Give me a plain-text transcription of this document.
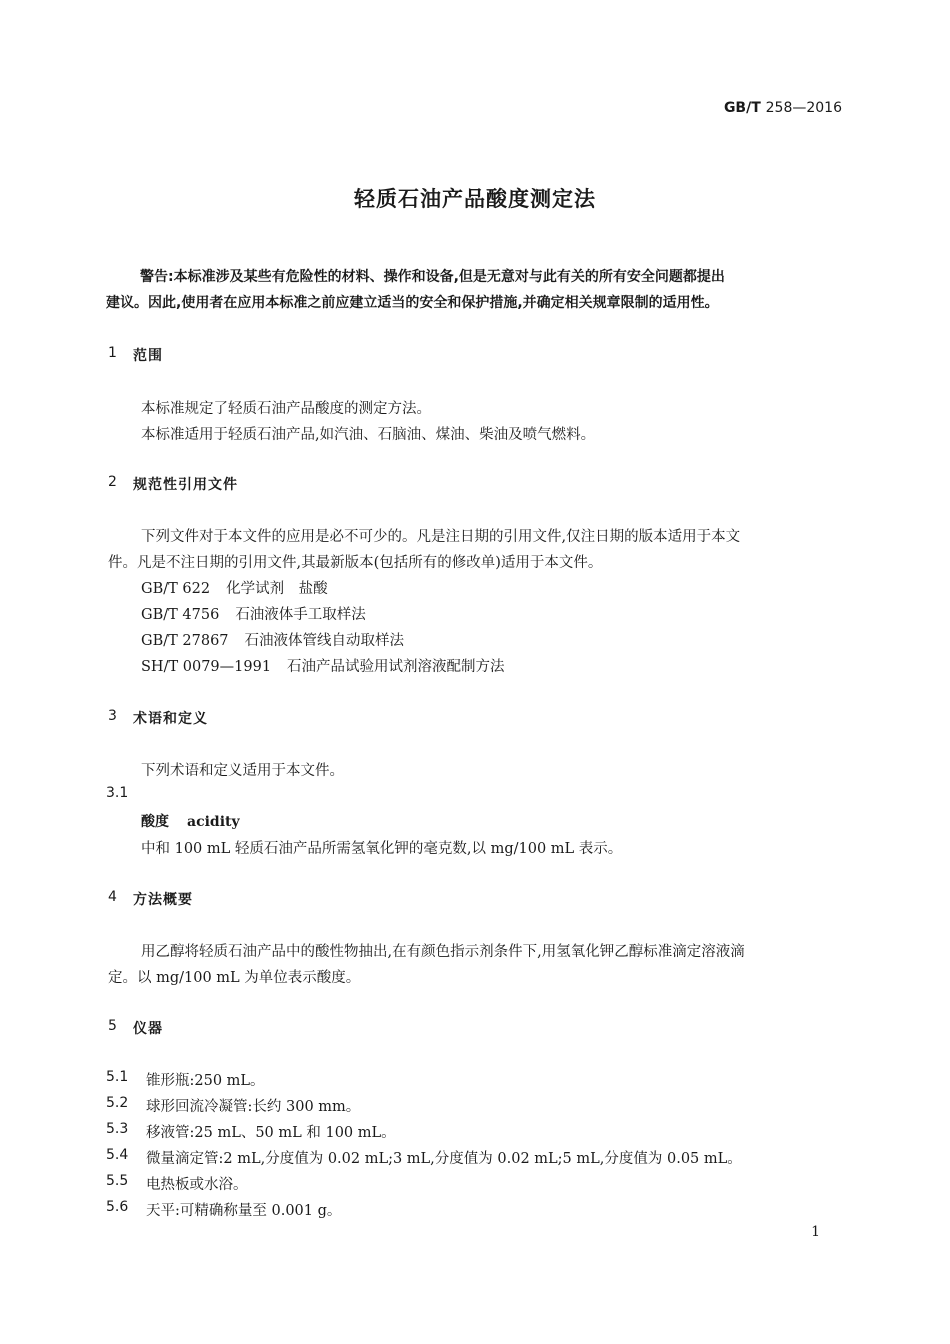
GB/T 258—2016
轻质石油产品酸度测定法
警告:本标准涉及某些有危险性的材料、操作和设备,但是无意对与此有关的所有安全问题都提出
建议。因此,使用者在应用本标准之前应建立适当的安全和保护措施,并确定相关规章限制的适用性。
1 范围
本标准规定了轻质石油产品酸度的测定方法。
本标准适用于轻质石油产品,如汽油、石脑油、煤油、柴油及喷气燃料。
2 规范性引用文件
下列文件对于本文件的应用是必不可少的。凡是注日期的引用文件,仅注日期的版本适用于本文
件。凡是不注日期的引用文件,其最新版本(包括所有的修改单)适用于本文件。
GB/T 622 化学试剂　盐酸
GB/T 4756 石油液体手工取样法
GB/T 27867 石油液体管线自动取样法
SH/T 0079—1991 石油产品试验用试剂溶液配制方法
3 术语和定义
下列术语和定义适用于本文件。
3.1
酸度 acidity
中和 100 mL 轻质石油产品所需氢氧化钾的毫克数,以 mg/100 mL 表示。
4 方法概要
用乙醇将轻质石油产品中的酸性物抽出,在有颜色指示剂条件下,用氢氧化钾乙醇标准滴定溶液滴
定。以 mg/100 mL 为单位表示酸度。
5 仪器
5.1 锥形瓶:250 mL。
5.2 球形回流冷凝管:长约 300 mm。
5.3 移液管:25 mL、50 mL 和 100 mL。
5.4 微量滴定管:2 mL,分度值为 0.02 mL;3 mL,分度值为 0.02 mL;5 mL,分度值为 0.05 mL。
5.5 电热板或水浴。
5.6 天平:可精确称量至 0.001 g。
1
